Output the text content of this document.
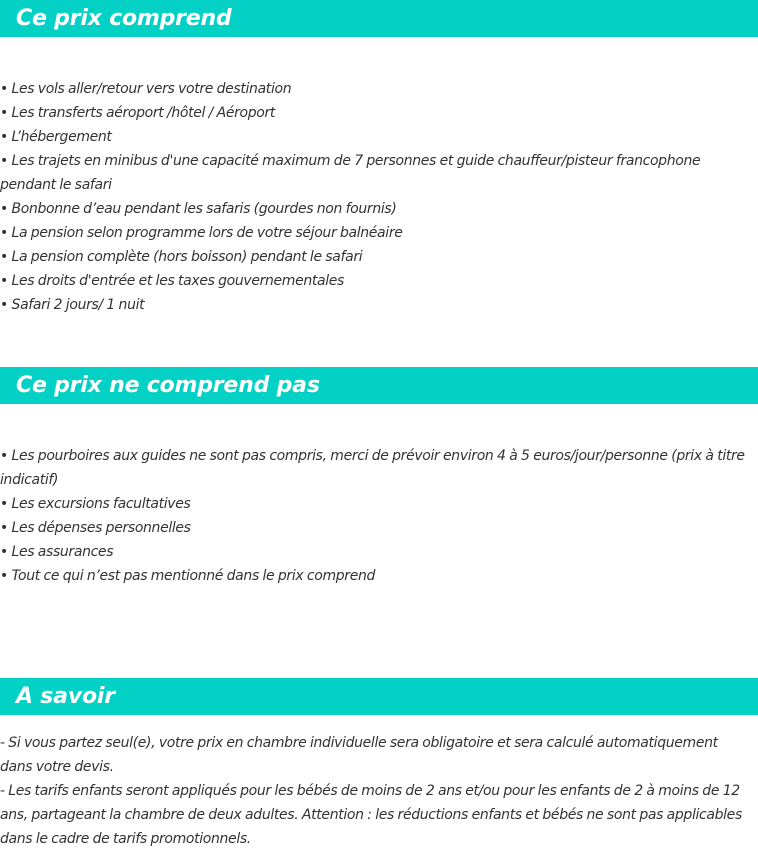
Ce prix comprend
• Les vols aller/retour vers votre destination
• Les transferts aéroport /hôtel / Aéroport
• L’hébergement
• Les trajets en minibus d'une capacité maximum de 7 personnes et guide chauffeur/pisteur francophone pendant le safari
• Bonbonne d’eau pendant les safaris (gourdes non fournis)
• La pension selon programme lors de votre séjour balnéaire
• La pension complète (hors boisson) pendant le safari
• Les droits d'entrée et les taxes gouvernementales
• Safari 2 jours/ 1 nuit
Ce prix ne comprend pas
• Les pourboires aux guides ne sont pas compris, merci de prévoir environ 4 à 5 euros/jour/personne (prix à titre indicatif)
• Les excursions facultatives
• Les dépenses personnelles
• Les assurances
• Tout ce qui n’est pas mentionné dans le prix comprend
A savoir

- Si vous partez seul(e), votre prix en chambre individuelle sera obligatoire et sera calculé automatiquement dans votre devis.

- Les tarifs enfants seront appliqués pour les bébés de moins de 2 ans et/ou pour les enfants de 2 à moins de 12 ans, partageant la chambre de deux adultes. Attention : les réductions enfants et bébés ne sont pas applicables dans le cadre de tarifs promotionnels.
